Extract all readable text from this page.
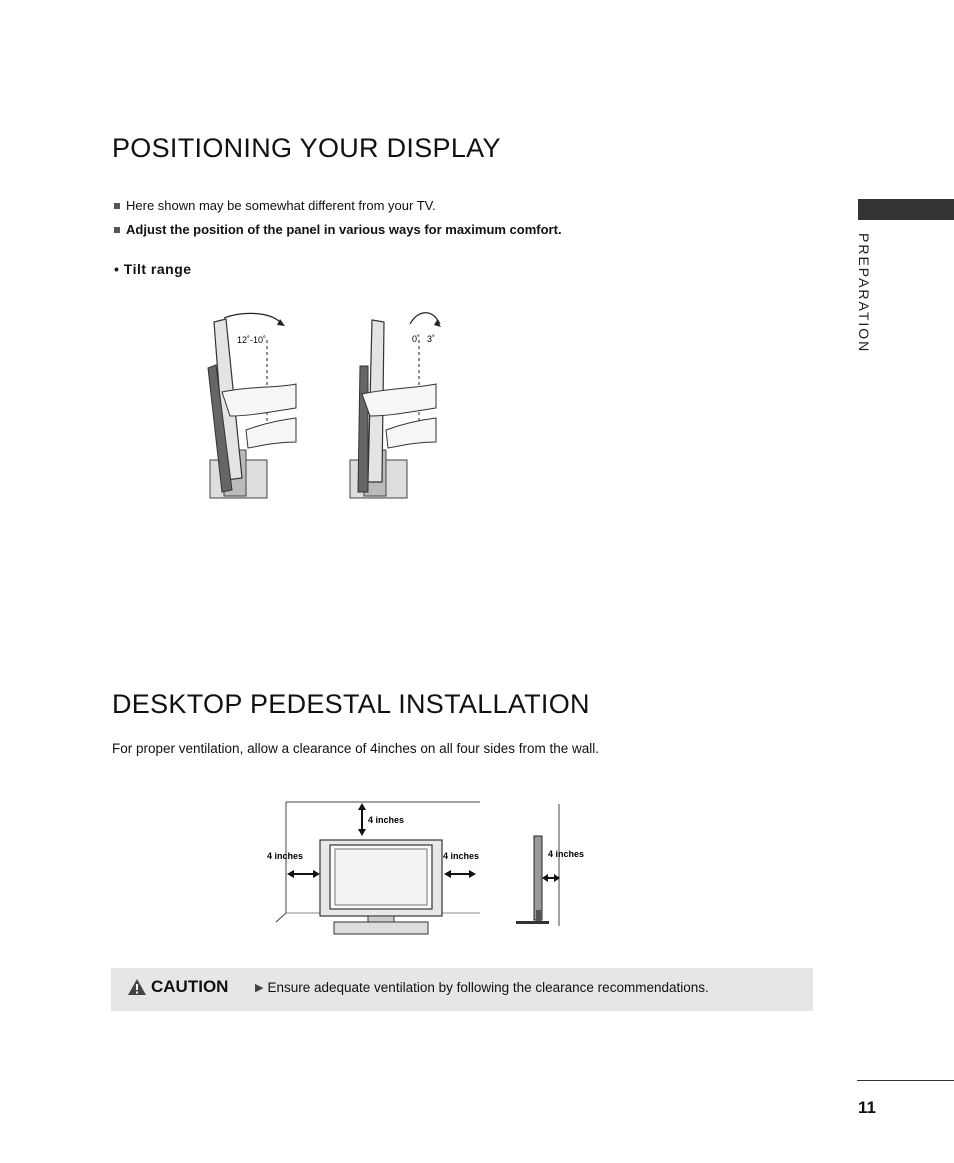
PREPARATION
POSITIONING YOUR DISPLAY
Here shown may be somewhat different from your TV.
Adjust the position of the panel in various ways for maximum comfort.
• Tilt range
12˚-10˚	0˚ 3˚
DESKTOP PEDESTAL INSTALLATION
For proper ventilation, allow a clearance of 4inches on all four sides from the wall.
4 inches
4 inches	4 inches	4 inches
CAUTION ▶ Ensure adequate ventilation by following the clearance recommendations.
11
